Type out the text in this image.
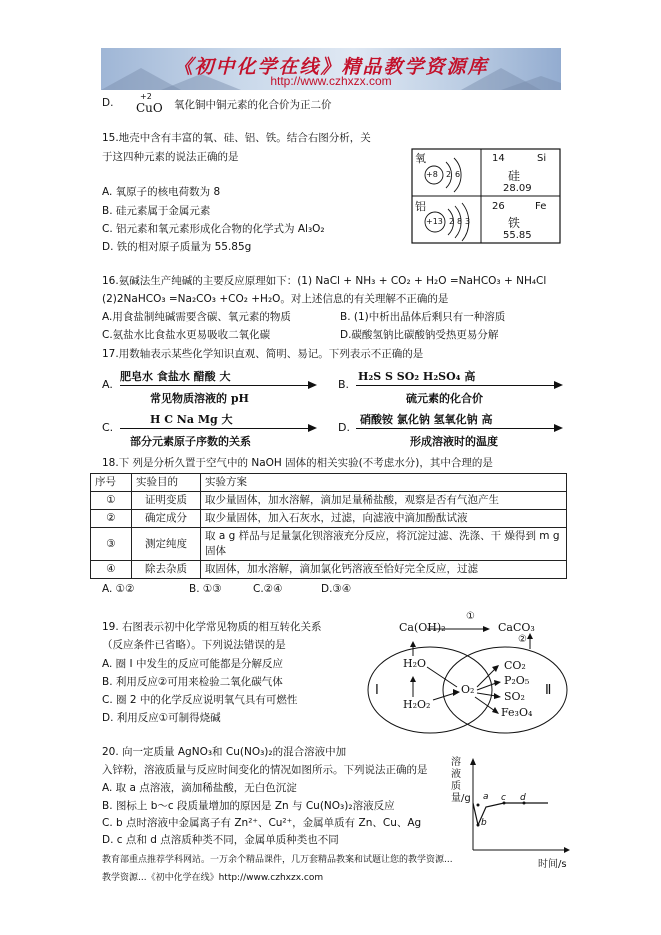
《初中化学在线》精品教学资源库
http://www.czhxzx.com
D.
+2
CuO 氧化铜中铜元素的化合价为正二价
15.地壳中含有丰富的氧、硅、铝、铁。结合右图分析，关
于这四种元素的说法正确的是
A. 氧原子的核电荷数为 8
B. 硅元素属于金属元素
C. 铝元素和氧元素形成化合物的化学式为 Al₃O₂
D. 铁的相对原子质量为 55.85g
氧
+8 2 6
铝
+13 2 8 3
14	Si
硅
28.09
26	Fe
铁
55.85
16.氨碱法生产纯碱的主要反应原理如下：(1) NaCl + NH₃ + CO₂ + H₂O =NaHCO₃ + NH₄Cl
(2)2NaHCO₃ =Na₂CO₃ +CO₂ +H₂O。对上述信息的有关理解不正确的是
A.用食盐制纯碱需要含碳、氧元素的物质	B. (1)中析出晶体后剩只有一种溶质
C.氨盐水比食盐水更易吸收二氧化碳	D.碳酸氢钠比碳酸钠受热更易分解
17.用数轴表示某些化学知识直观、简明、易记。下列表示不正确的是
A.
肥皂水 食盐水 醋酸 大
常见物质溶液的 pH
B.
H₂S S SO₂ H₂SO₄ 高
硫元素的化合价
C.
H C Na Mg 大
部分元素原子序数的关系
D.
硝酸铵 氯化钠 氢氧化钠 高
形成溶液时的温度
18.下 列是分析久置于空气中的 NaOH 固体的相关实验(不考虑水分)，其中合理的是
序号	实验目的	实验方案
①	证明变质	取少量固体，加水溶解，滴加足量稀盐酸，观察是否有气泡产生
②	确定成分	取少量固体，加入石灰水，过滤，向滤液中滴加酚酞试液
③	测定纯度	取 a g 样品与足量氯化钡溶液充分反应，将沉淀过滤、洗涤、干 燥得到 m g 固体
④	除去杂质	取固体，加水溶解，滴加氯化钙溶液至恰好完全反应，过滤
A. ①②	B. ①③	C.②④	D.③④
19. 右图表示初中化学常见物质的相互转化关系
（反应条件已省略）。下列说法错误的是
A. 圈 I 中发生的反应可能都是分解反应
B. 利用反应②可用来检验二氧化碳气体
C. 圈 2 中的化学反应说明氧气具有可燃性
D. 利用反应①可制得烧碱
Ca(OH)₂	CaCO₃
①
②
H₂O
H₂O₂
O₂
CO₂
P₂O₅
SO₂
Fe₃O₄
Ⅰ	Ⅱ
20. 向一定质量 AgNO₃和 Cu(NO₃)₂的混合溶液中加
入锌粉，溶液质量与反应时间变化的情况如图所示。下列说法正确的是
A. 取 a 点溶液，滴加稀盐酸，无白色沉淀
B. 图标上 b～c 段质量增加的原因是 Zn 与 Cu(NO₃)₂溶液反应
C. b 点时溶液中金属离子有 Zn²⁺、Cu²⁺，金属单质有 Zn、Cu、Ag
D. c 点和 d 点溶质种类不同，金属单质种类也不同
溶液质量/g
时间/s
a
b
c d
教育部重点推荐学科网站。一万余个精品课件，几万套精品教案和试题让您的教学资源...
教学资源...《初中化学在线》http://www.czhxzx.com
